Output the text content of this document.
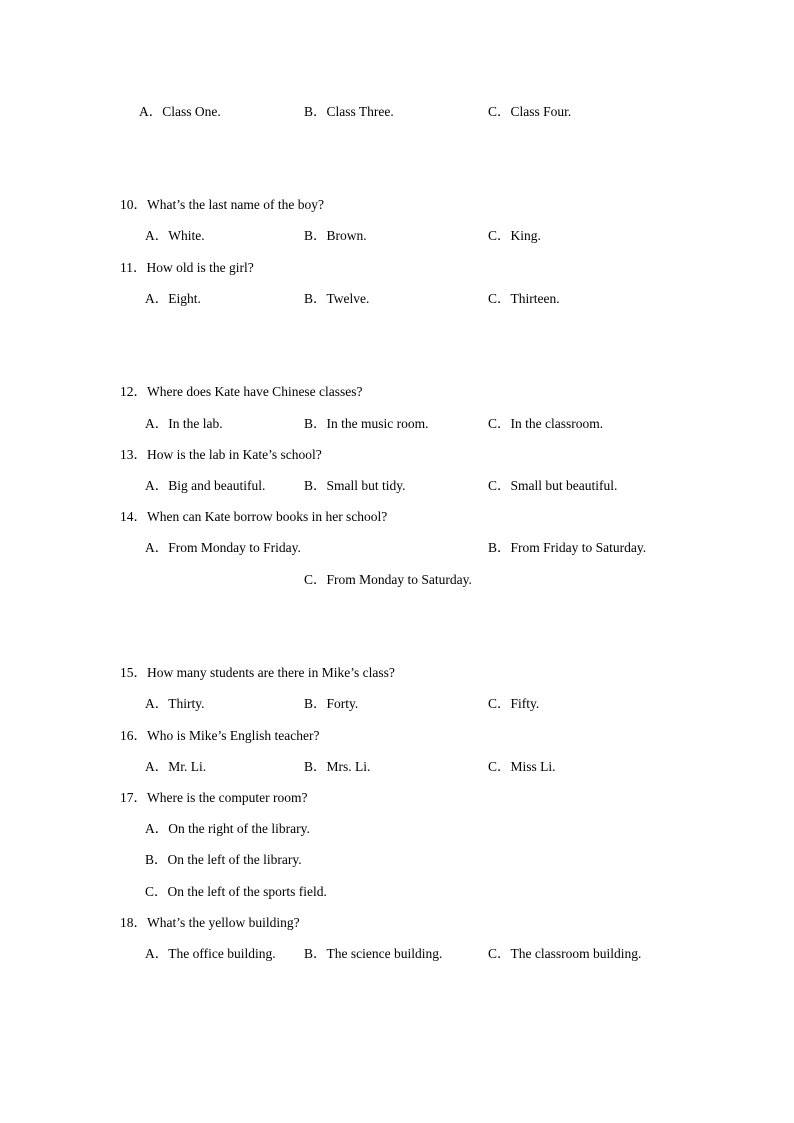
A．Class One.	B．Class Three.	C．Class Four.
10．What’s the last name of the boy?
A．White.	B．Brown.	C．King.
11．How old is the girl?
A．Eight.	B．Twelve.	C．Thirteen.
12．Where does Kate have Chinese classes?
A．In the lab.	B．In the music room.	C．In the classroom.
13．How is the lab in Kate’s school?
A．Big and beautiful.	B．Small but tidy.	C．Small but beautiful.
14．When can Kate borrow books in her school?
A．From Monday to Friday.	B．From Friday to Saturday.
C．From Monday to Saturday.
15．How many students are there in Mike’s class?
A．Thirty.	B．Forty.	C．Fifty.
16．Who is Mike’s English teacher?
A．Mr. Li.	B．Mrs. Li.	C．Miss Li.
17．Where is the computer room?
A．On the right of the library.
B．On the left of the library.
C．On the left of the sports field.
18．What’s the yellow building?
A．The office building. B．The science building.	C．The classroom building.
